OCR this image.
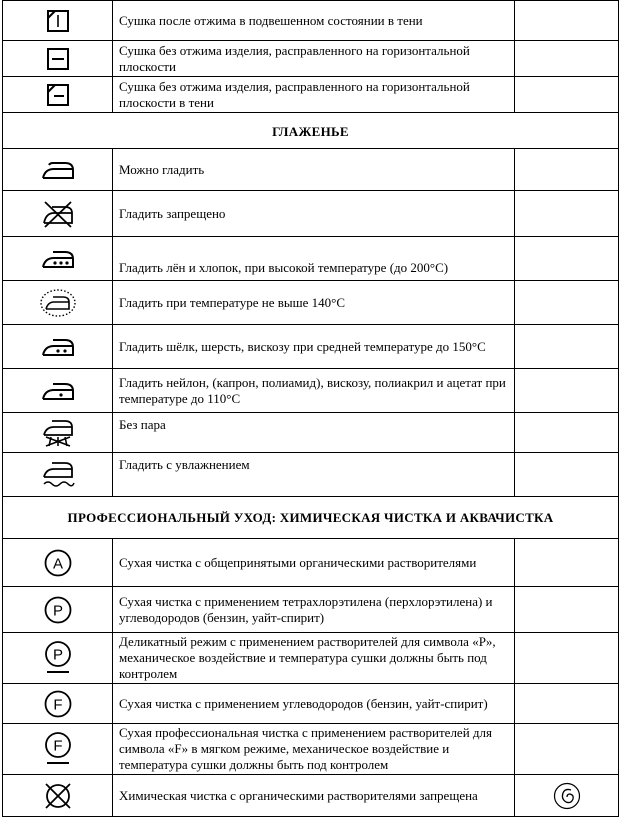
	Сушка после отжима в подвешенном состоянии в тени	

	Сушка без отжима изделия, расправленного на горизонтальной плоскости	

	Сушка без отжима изделия, расправленного на горизонтальной плоскости в тени	
ГЛАЖЕНЬЕ		

	Можно гладить	

	Гладить запрещено	

	Гладить лён и хлопок, при высокой температуре (до 200°C)	

	Гладить при температуре не выше 140°C	

	Гладить шёлк, шерсть, вискозу при средней температуре до 150°C	

	Гладить нейлон, (капрон, полиамид), вискозу, полиакрил и ацетат при температуре до 110°C	

	Без пара	

	Гладить с увлажнением	
ПРОФЕССИОНАЛЬНЫЙ УХОД: ХИМИЧЕСКАЯ ЧИСТКА И АКВАЧИСТКА		

A	Сухая чистка с общепринятыми органическими растворителями	

P	Сухая чистка с применением тетрахлорэтилена (перхлорэтилена) и углеводородов (бензин, уайт-спирит)	

P	Деликатный режим с применением растворителей для символа «P», механическое воздействие и температура сушки должны быть под контролем	

F	Сухая чистка с применением углеводородов (бензин, уайт-спирит)	

F	Сухая профессиональная чистка с применением растворителей для символа «F» в мягком режиме, механическое воздействие и температура сушки должны быть под контролем	

	Химическая чистка с органическими растворителями запрещена	
